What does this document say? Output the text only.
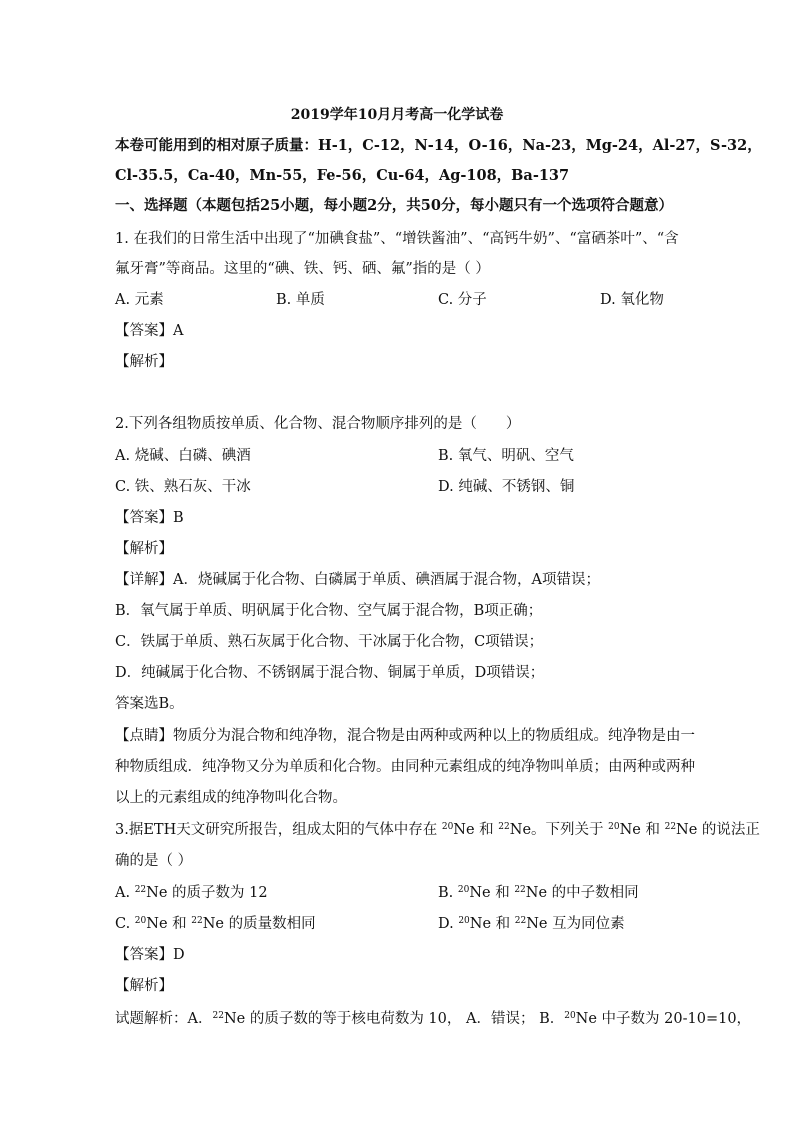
2019学年10月月考高一化学试卷
本卷可能用到的相对原子质量：H-1，C-12，N-14，O-16，Na-23，Mg-24，Al-27，S-32，
Cl-35.5，Ca-40，Mn-55，Fe-56，Cu-64，Ag-108，Ba-137
一、选择题（本题包括25小题，每小题2分，共50分，每小题只有一个选项符合题意）
1. 在我们的日常生活中出现了“加碘食盐”、“增铁酱油”、“高钙牛奶”、“富硒茶叶”、“含
氟牙膏”等商品。这里的“碘、铁、钙、硒、氟”指的是（ ）
A. 元素	B. 单质	C. 分子	D. 氧化物
【答案】A
【解析】
2.下列各组物质按单质、化合物、混合物顺序排列的是（　　）
A. 烧碱、白磷、碘酒	B. 氧气、明矾、空气
C. 铁、熟石灰、干冰	D. 纯碱、不锈钢、铜
【答案】B
【解析】
【详解】A．烧碱属于化合物、白磷属于单质、碘酒属于混合物，A项错误；
B．氧气属于单质、明矾属于化合物、空气属于混合物，B项正确；
C．铁属于单质、熟石灰属于化合物、干冰属于化合物，C项错误；
D．纯碱属于化合物、不锈钢属于混合物、铜属于单质，D项错误；
答案选B。
【点睛】物质分为混合物和纯净物，混合物是由两种或两种以上的物质组成。纯净物是由一
种物质组成．纯净物又分为单质和化合物。由同种元素组成的纯净物叫单质；由两种或两种
以上的元素组成的纯净物叫化合物。

3.据ETH天文研究所报告，组成太阳的气体中存在 $^{20}$Ne 和 $^{22}$Ne。下列关于 $^{20}$Ne 和 $^{22}$Ne 的说法正
确的是（ ）
A. $^{22}$Ne 的质子数为 12	B. $^{20}$Ne 和 $^{22}$Ne 的中子数相同
C. $^{20}$Ne 和 $^{22}$Ne 的质量数相同	D. $^{20}$Ne 和 $^{22}$Ne 互为同位素
【答案】D
【解析】
试题解析：A．$^{22}$Ne 的质子数的等于核电荷数为 10， A．错误； B．$^{20}$Ne 中子数为 20-10=10，
